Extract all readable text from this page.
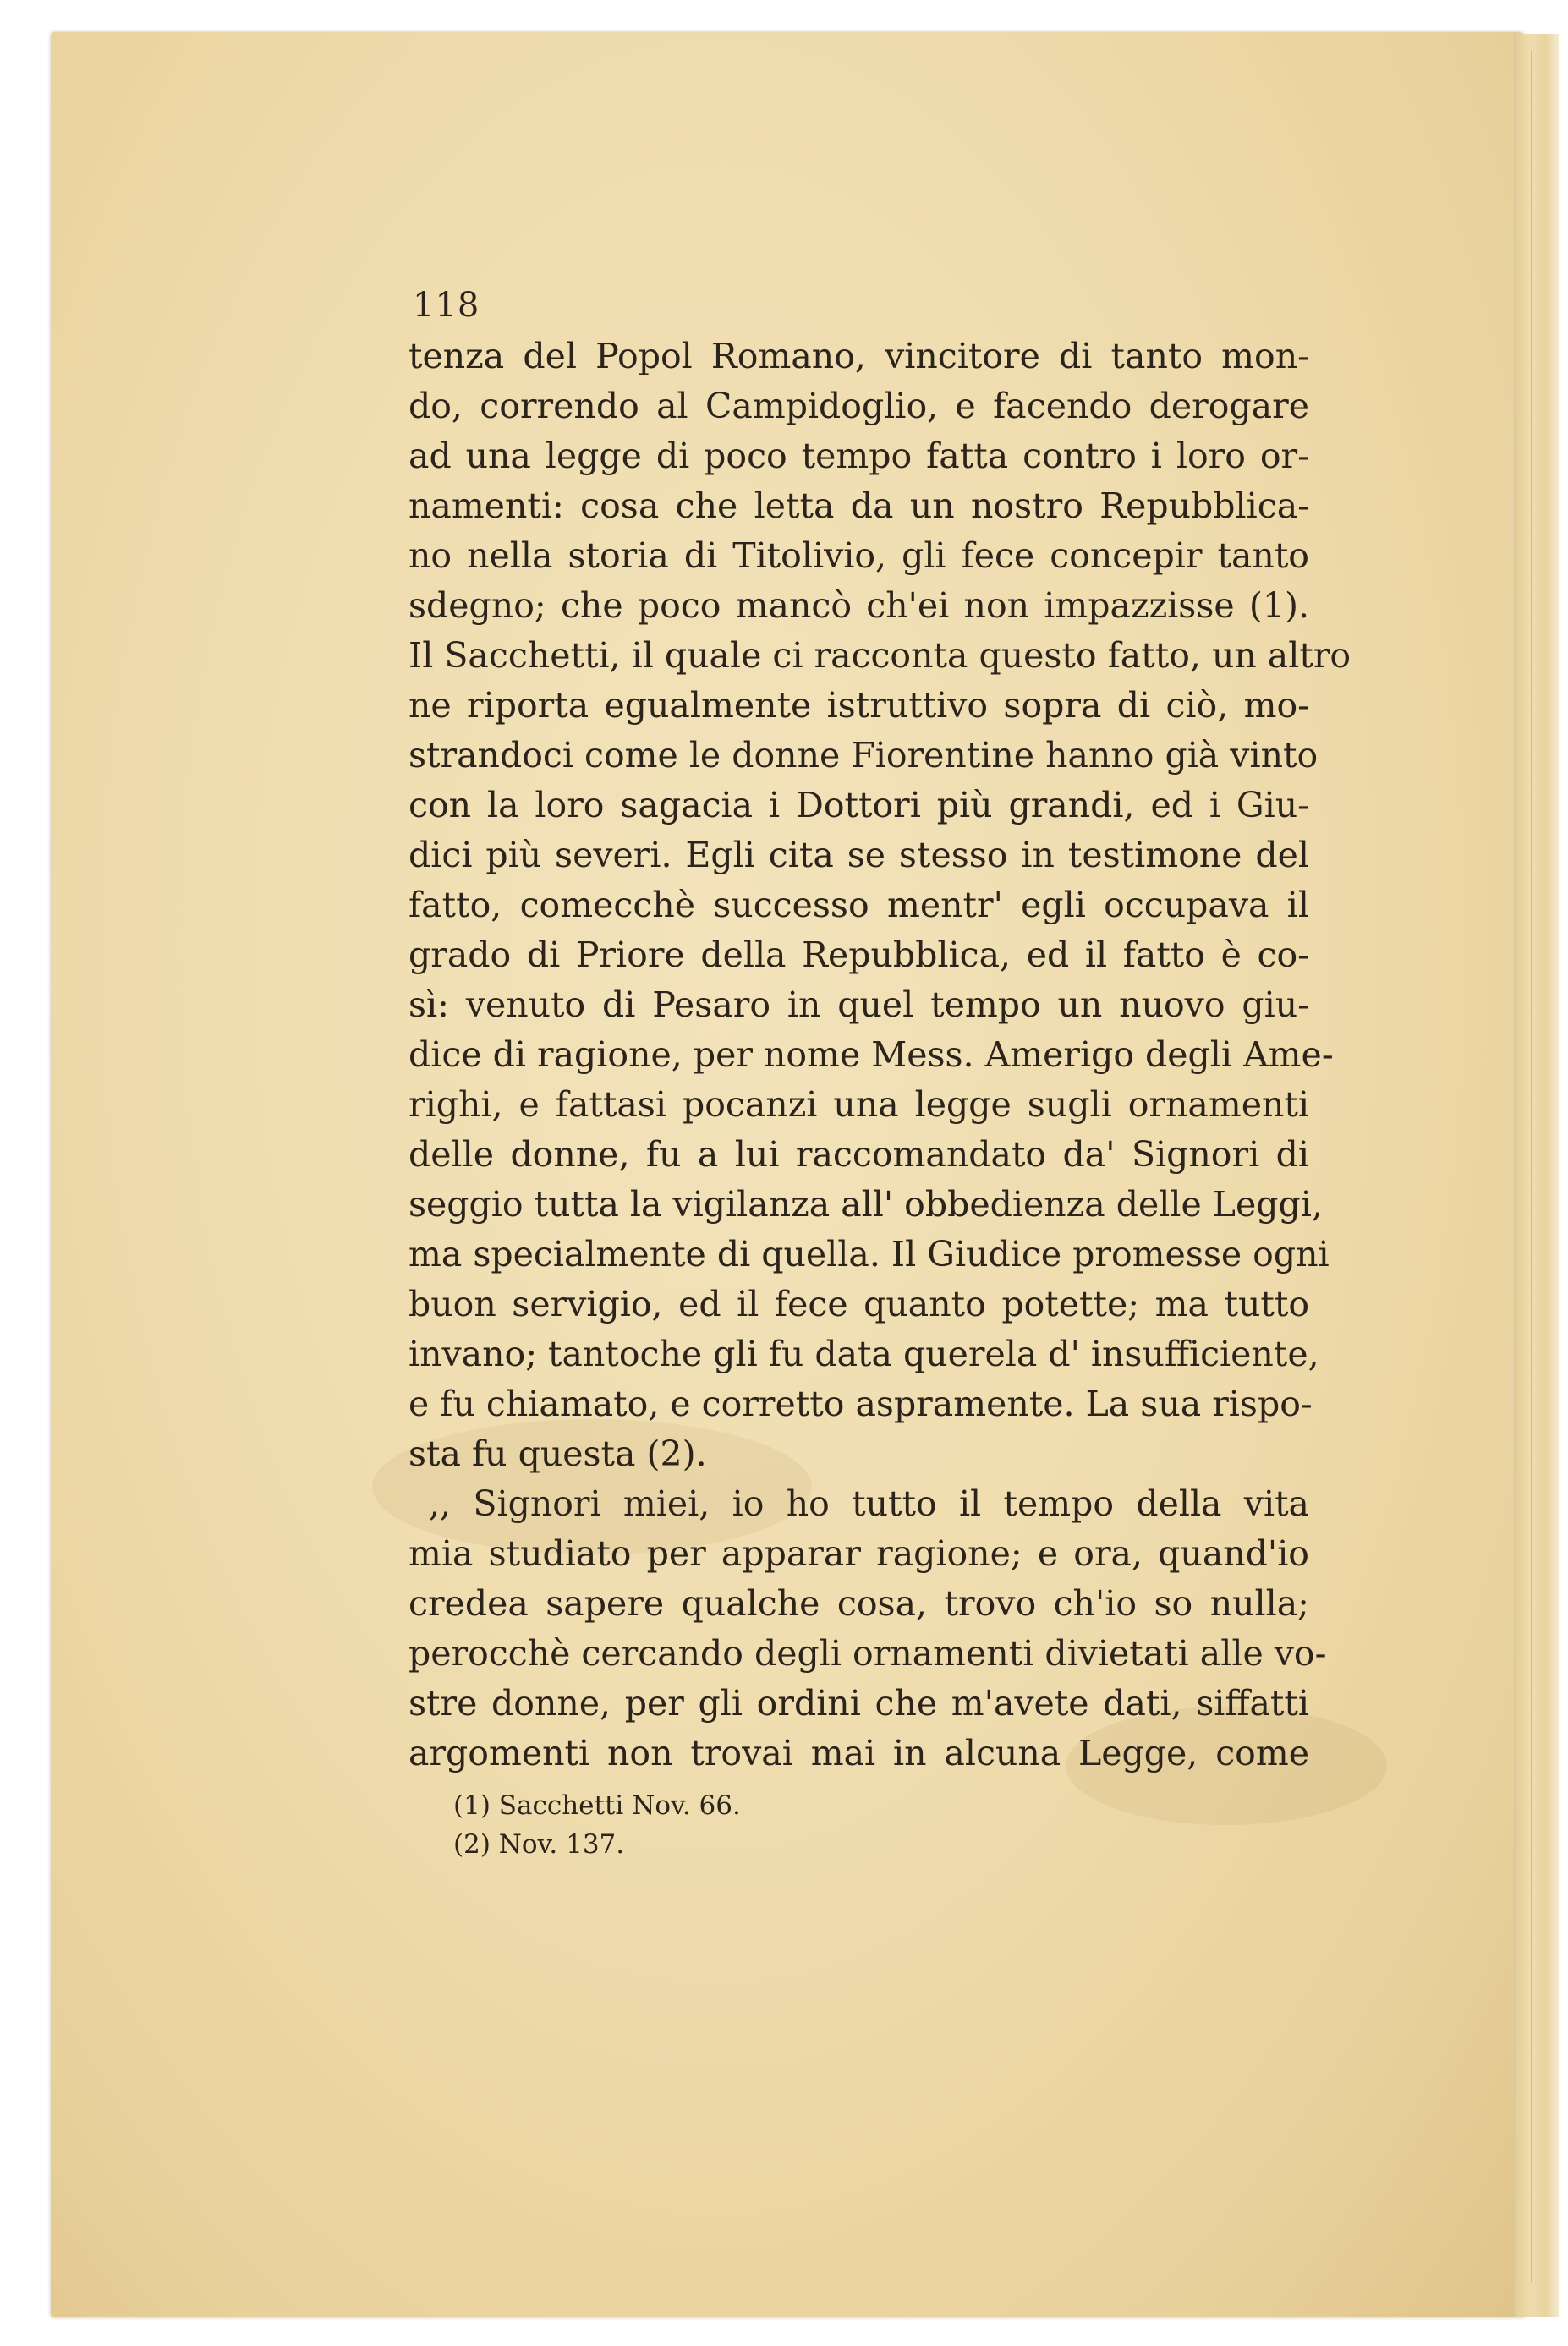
118
tenza del Popol Romano, vincitore di tanto mon-
do, correndo al Campidoglio, e facendo derogare
ad una legge di poco tempo fatta contro i loro or-
namenti: cosa che letta da un nostro Repubblica-
no nella storia di Titolivio, gli fece concepir tanto
sdegno; che poco mancò ch'ei non impazzisse (1).
Il Sacchetti, il quale ci racconta questo fatto, un altro
ne riporta egualmente istruttivo sopra di ciò, mo-
strandoci come le donne Fiorentine hanno già vinto
con la loro sagacia i Dottori più grandi, ed i Giu-
dici più severi. Egli cita se stesso in testimone del
fatto, comecchè successo mentr' egli occupava il
grado di Priore della Repubblica, ed il fatto è co-
sì: venuto di Pesaro in quel tempo un nuovo giu-
dice di ragione, per nome Mess. Amerigo degli Ame-
righi, e fattasi pocanzi una legge sugli ornamenti
delle donne, fu a lui raccomandato da' Signori di
seggio tutta la vigilanza all' obbedienza delle Leggi,
ma specialmente di quella. Il Giudice promesse ogni
buon servigio, ed il fece quanto potette; ma tutto
invano; tantoche gli fu data querela d' insufficiente,
e fu chiamato, e corretto aspramente. La sua rispo-
sta fu questa (2).
,, Signori miei, io ho tutto il tempo della vita
mia studiato per apparar ragione; e ora, quand'io
credea sapere qualche cosa, trovo ch'io so nulla;
perocchè cercando degli ornamenti divietati alle vo-
stre donne, per gli ordini che m'avete dati, siffatti
argomenti non trovai mai in alcuna Legge, come
(1) Sacchetti Nov. 66.
(2) Nov. 137.
